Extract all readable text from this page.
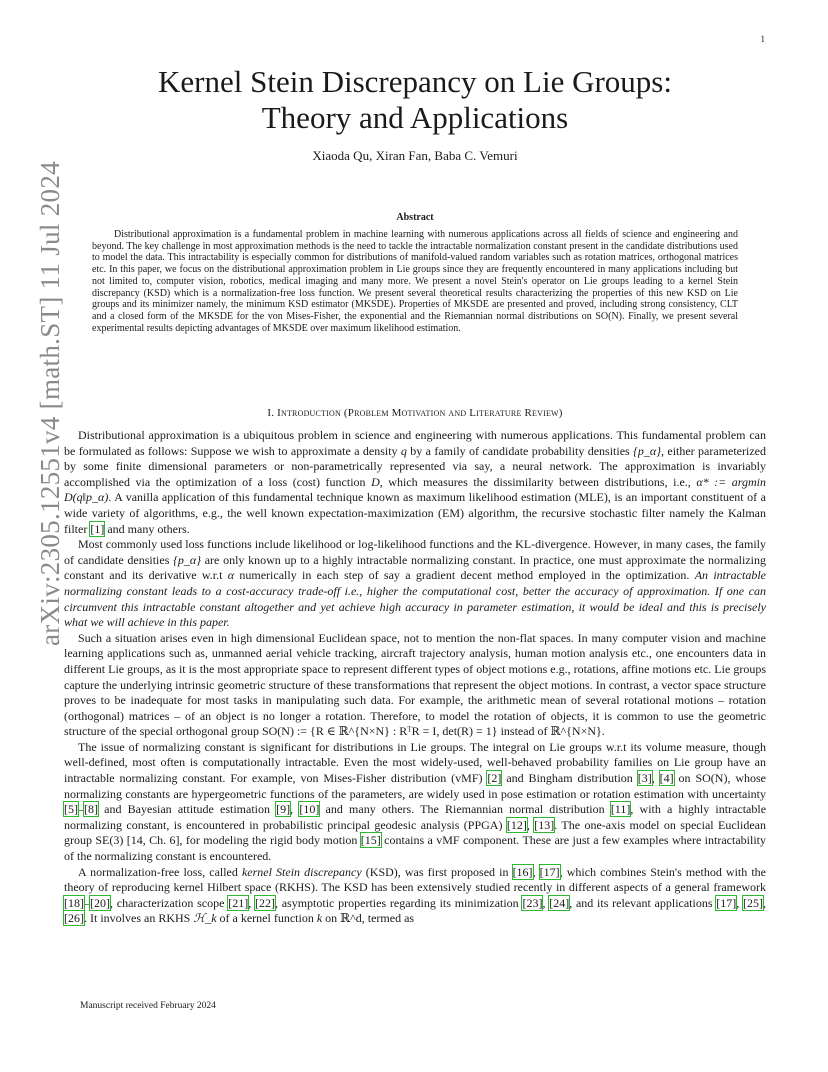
1
arXiv:2305.12551v4 [math.ST] 11 Jul 2024
Kernel Stein Discrepancy on Lie Groups:
Theory and Applications
Xiaoda Qu, Xiran Fan, Baba C. Vemuri
Abstract

Distributional approximation is a fundamental problem in machine learning with numerous applications across all fields of science and engineering and beyond. The key challenge in most approximation methods is the need to tackle the intractable normalization constant present in the candidate distributions used to model the data. This intractability is especially common for distributions of manifold-valued random variables such as rotation matrices, orthogonal matrices etc. In this paper, we focus on the distributional approximation problem in Lie groups since they are frequently encountered in many applications including but not limited to, computer vision, robotics, medical imaging and many more. We present a novel Stein's operator on Lie groups leading to a kernel Stein discrepancy (KSD) which is a normalization-free loss function. We present several theoretical results characterizing the properties of this new KSD on Lie groups and its minimizer namely, the minimum KSD estimator (MKSDE). Properties of MKSDE are presented and proved, including strong consistency, CLT and a closed form of the MKSDE for the von Mises-Fisher, the exponential and the Riemannian normal distributions on SO(N). Finally, we present several experimental results depicting advantages of MKSDE over maximum likelihood estimation.

I. Introduction (Problem Motivation and Literature Review)

Distributional approximation is a ubiquitous problem in science and engineering with numerous applications. This fundamental problem can be formulated as follows: Suppose we wish to approximate a density q by a family of candidate probability densities {p_α}, either parameterized by some finite dimensional parameters or non-parametrically represented via say, a neural network. The approximation is invariably accomplished via the optimization of a loss (cost) function D, which measures the dissimilarity between distributions, i.e., α* := argmin D(q‖p_α). A vanilla application of this fundamental technique known as maximum likelihood estimation (MLE), is an important constituent of a wide variety of algorithms, e.g., the well known expectation-maximization (EM) algorithm, the recursive stochastic filter namely the Kalman filter [1] and many others.

Most commonly used loss functions include likelihood or log-likelihood functions and the KL-divergence. However, in many cases, the family of candidate densities {p_α} are only known up to a highly intractable normalizing constant. In practice, one must approximate the normalizing constant and its derivative w.r.t α numerically in each step of say a gradient decent method employed in the optimization. An intractable normalizing constant leads to a cost-accuracy trade-off i.e., higher the computational cost, better the accuracy of approximation. If one can circumvent this intractable constant altogether and yet achieve high accuracy in parameter estimation, it would be ideal and this is precisely what we will achieve in this paper.

Such a situation arises even in high dimensional Euclidean space, not to mention the non-flat spaces. In many computer vision and machine learning applications such as, unmanned aerial vehicle tracking, aircraft trajectory analysis, human motion analysis etc., one encounters data in different Lie groups, as it is the most appropriate space to represent different types of object motions e.g., rotations, affine motions etc. Lie groups capture the underlying intrinsic geometric structure of these transformations that represent the object motions. In contrast, a vector space structure proves to be inadequate for most tasks in manipulating such data. For example, the arithmetic mean of several rotational motions – rotation (orthogonal) matrices – of an object is no longer a rotation. Therefore, to model the rotation of objects, it is common to use the geometric structure of the special orthogonal group SO(N) := {R ∈ ℝ^{N×N} : RᵀR = I, det(R) = 1} instead of ℝ^{N×N}.

The issue of normalizing constant is significant for distributions in Lie groups. The integral on Lie groups w.r.t its volume measure, though well-defined, most often is computationally intractable. Even the most widely-used, well-behaved probability families on Lie group have an intractable normalizing constant. For example, von Mises-Fisher distribution (vMF) [2] and Bingham distribution [3], [4] on SO(N), whose normalizing constants are hypergeometric functions of the parameters, are widely used in pose estimation or rotation estimation with uncertainty [5]–[8] and Bayesian attitude estimation [9], [10] and many others. The Riemannian normal distribution [11], with a highly intractable normalizing constant, is encountered in probabilistic principal geodesic analysis (PPGA) [12], [13]. The one-axis model on special Euclidean group SE(3) [14, Ch. 6], for modeling the rigid body motion [15] contains a vMF component. These are just a few examples where intractability of the normalizing constant is encountered.

A normalization-free loss, called kernel Stein discrepancy (KSD), was first proposed in [16], [17], which combines Stein's method with the theory of reproducing kernel Hilbert space (RKHS). The KSD has been extensively studied recently in different aspects of a general framework [18]–[20], characterization scope [21], [22], asymptotic properties regarding its minimization [23], [24], and its relevant applications [17], [25], [26]. It involves an RKHS ℋ_k of a kernel function k on ℝ^d, termed as

Manuscript received February 2024
